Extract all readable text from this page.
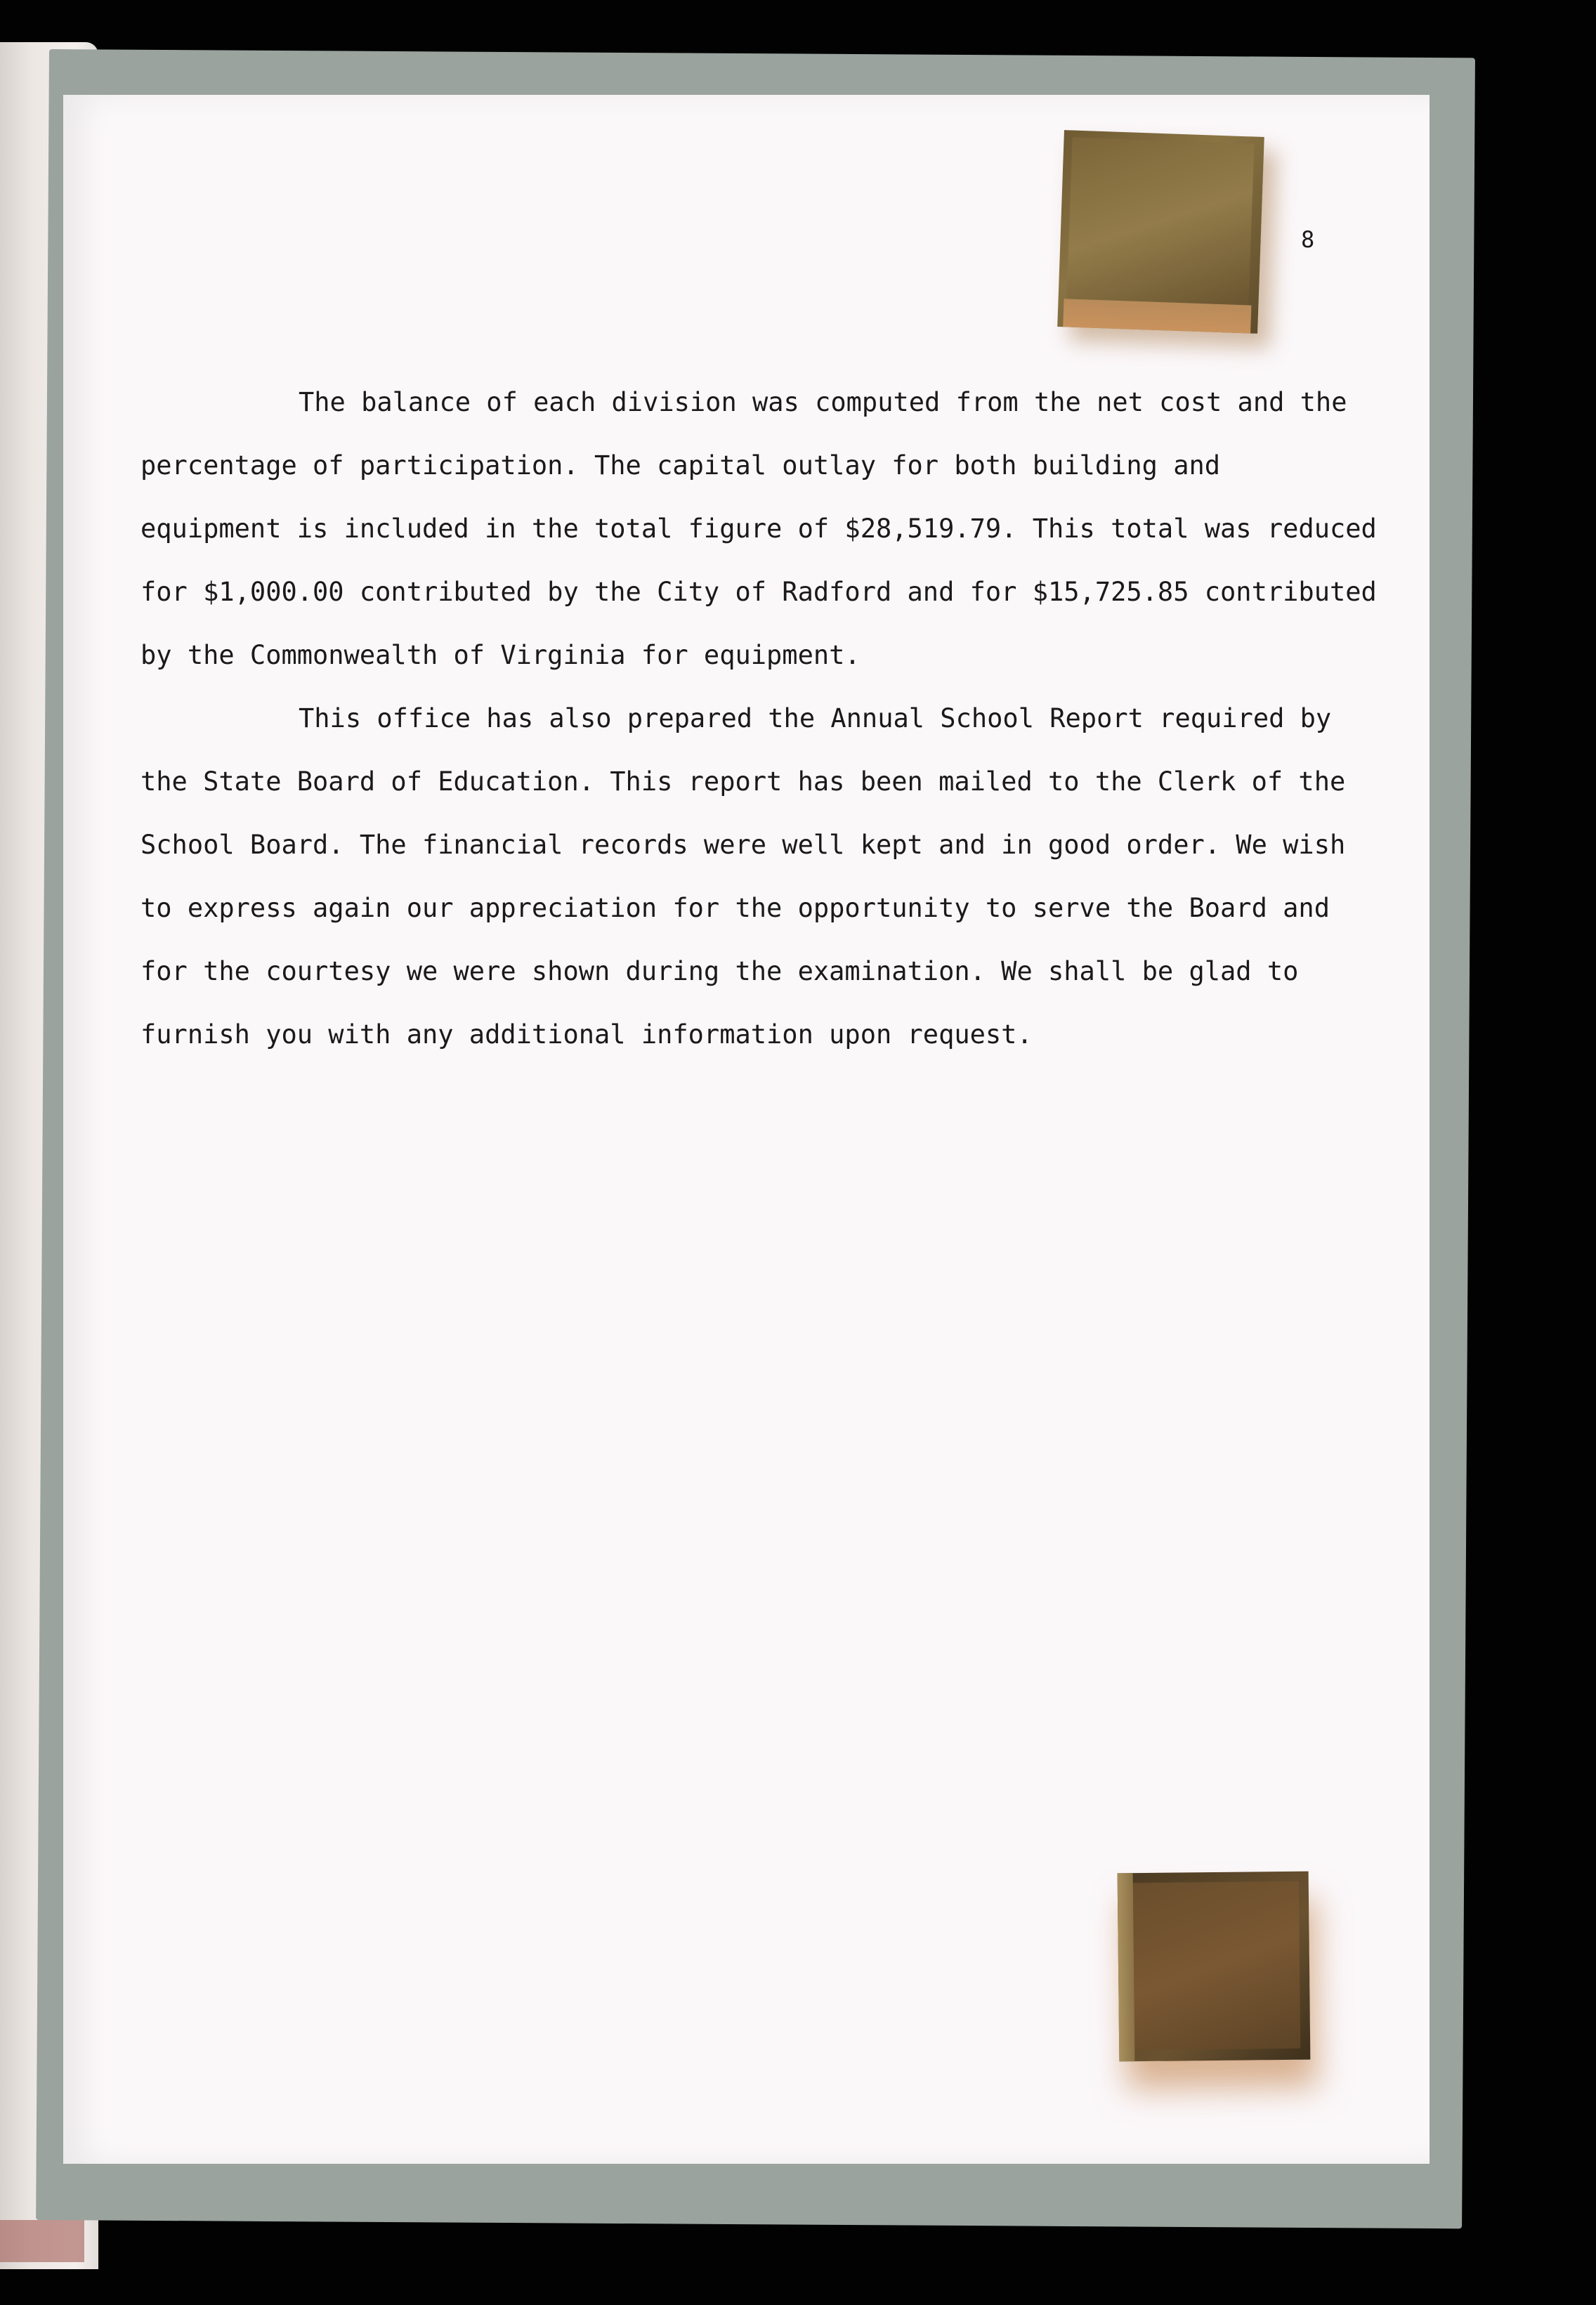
8

The balance of each division was computed from the net cost and the
percentage of participation. The capital outlay for both building and
equipment is included in the total figure of $28,519.79. This total was reduced
for $1,000.00 contributed by the City of Radford and for $15,725.85 contributed
by the Commonwealth of Virginia for equipment.

This office has also prepared the Annual School Report required by
the State Board of Education. This report has been mailed to the Clerk of the
School Board. The financial records were well kept and in good order. We wish
to express again our appreciation for the opportunity to serve the Board and
for the courtesy we were shown during the examination. We shall be glad to
furnish you with any additional information upon request.
